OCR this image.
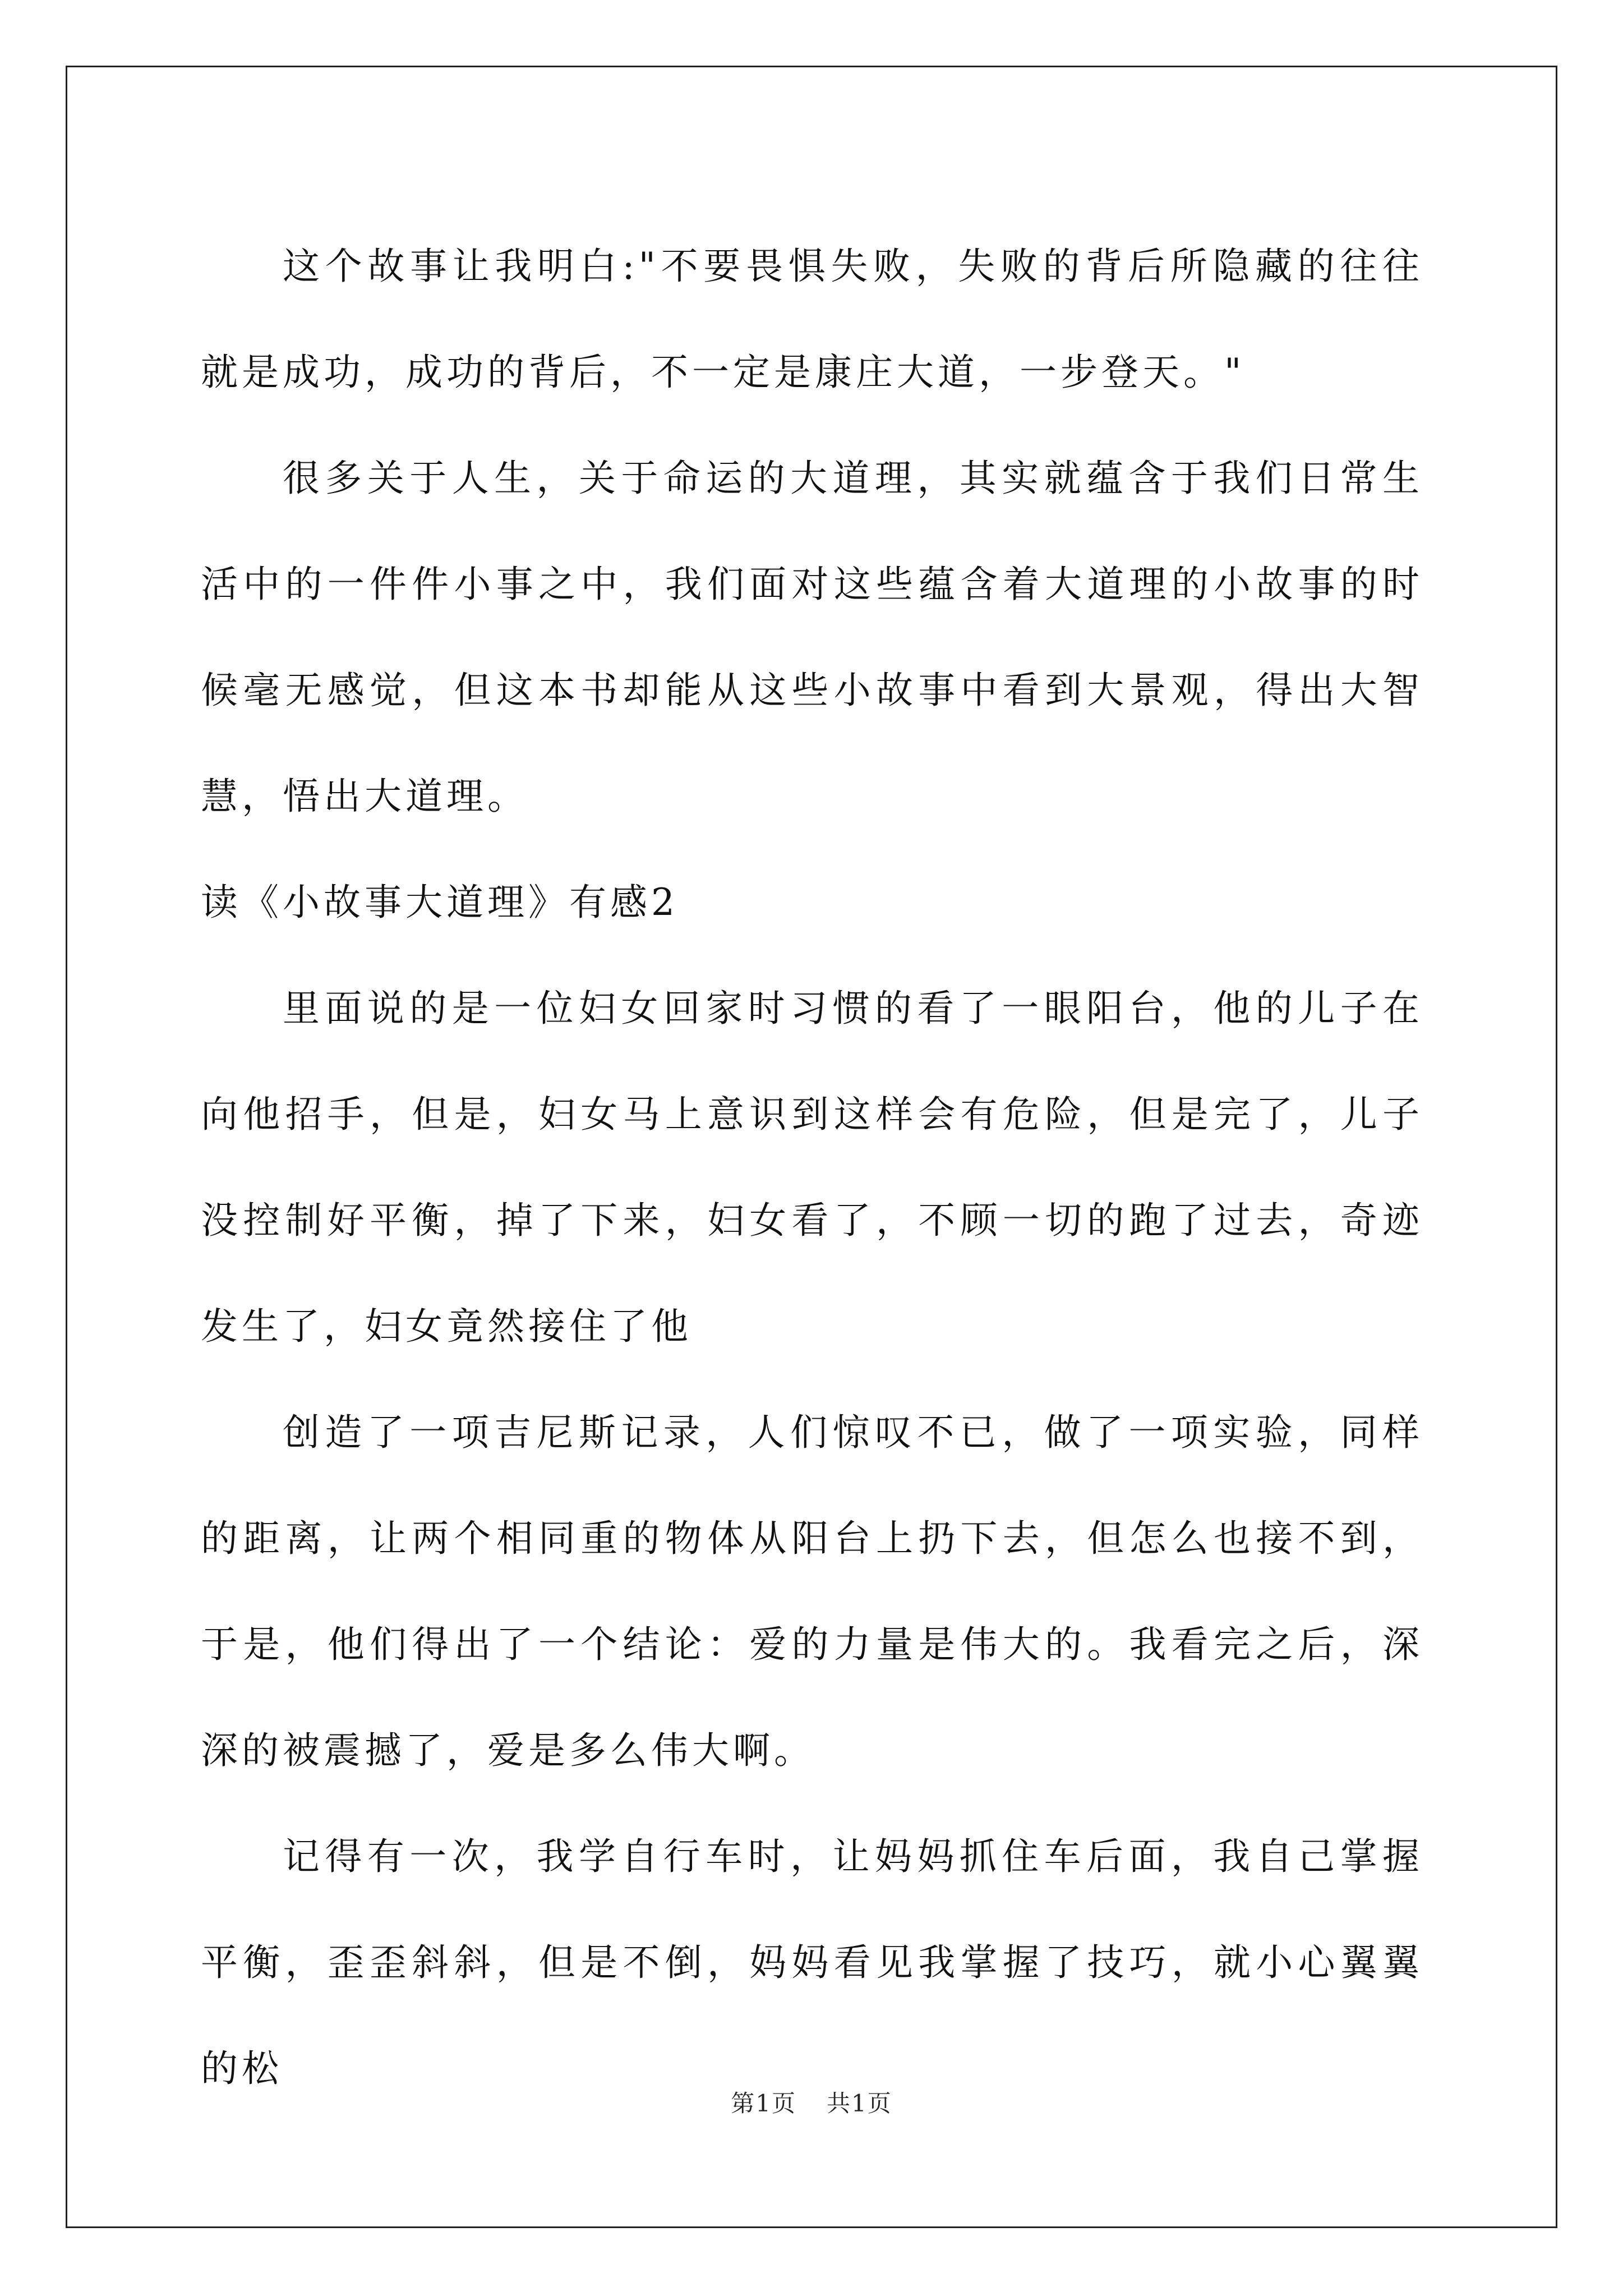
这个故事让我明白:"不要畏惧失败，失败的背后所隐藏的往往就是成功，成功的背后，不一定是康庄大道，一步登天。"

很多关于人生，关于命运的大道理，其实就蕴含于我们日常生活中的一件件小事之中，我们面对这些蕴含着大道理的小故事的时候毫无感觉，但这本书却能从这些小故事中看到大景观，得出大智慧，悟出大道理。

读《小故事大道理》有感2

里面说的是一位妇女回家时习惯的看了一眼阳台，他的儿子在向他招手，但是，妇女马上意识到这样会有危险，但是完了，儿子没控制好平衡，掉了下来，妇女看了，不顾一切的跑了过去，奇迹发生了，妇女竟然接住了他

创造了一项吉尼斯记录，人们惊叹不已，做了一项实验，同样的距离，让两个相同重的物体从阳台上扔下去，但怎么也接不到，于是，他们得出了一个结论：爱的力量是伟大的。我看完之后，深深的被震撼了，爱是多么伟大啊。

记得有一次，我学自行车时，让妈妈抓住车后面，我自己掌握平衡，歪歪斜斜，但是不倒，妈妈看见我掌握了技巧，就小心翼翼的松

第1页 共1页
